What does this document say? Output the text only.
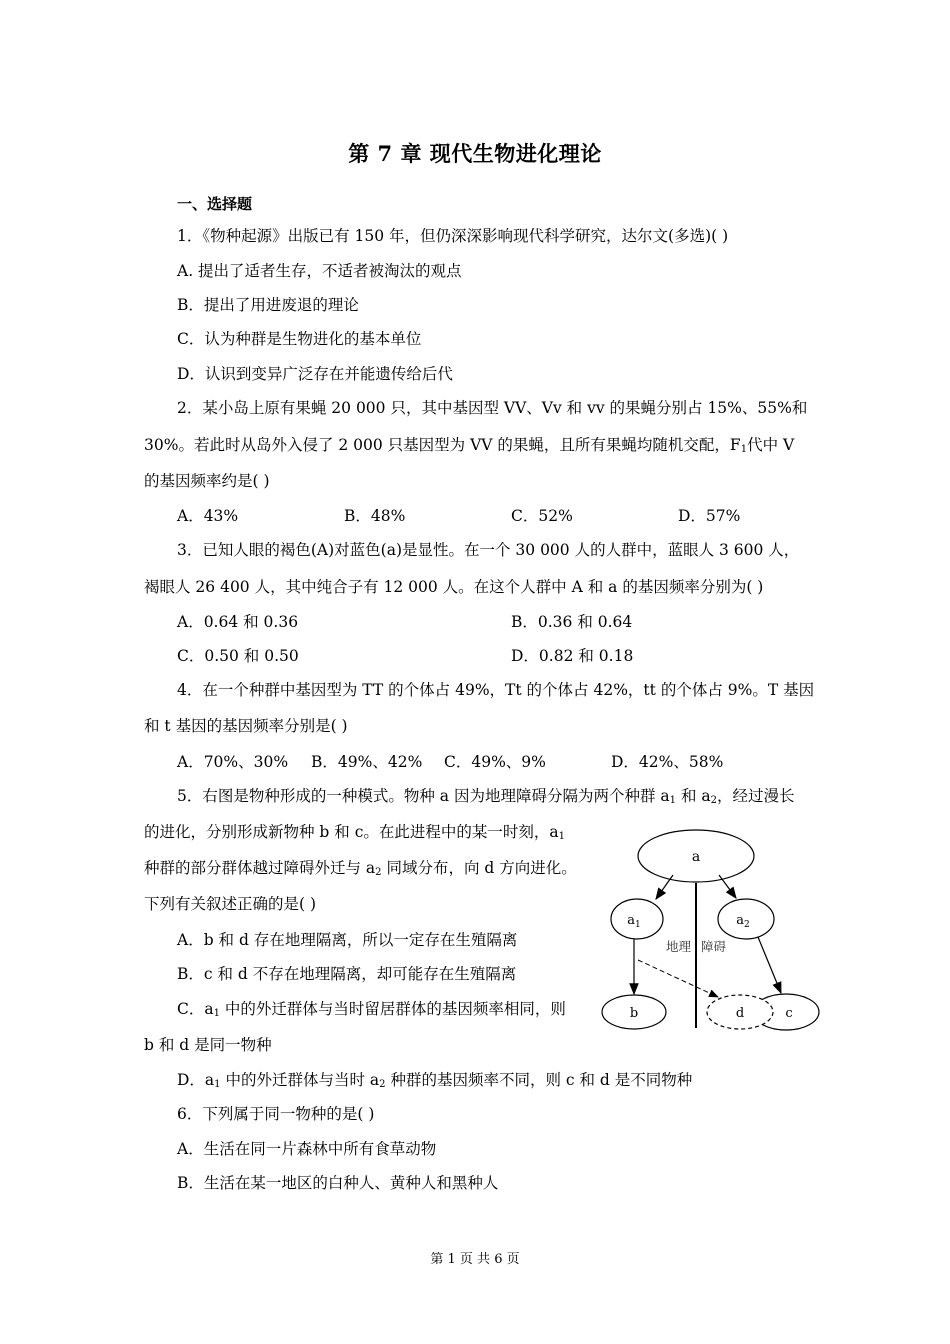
第 7 章 现代生物进化理论
一、选择题
1．《物种起源》出版已有 150 年，但仍深深影响现代科学研究，达尔文(多选)( )
A. 提出了适者生存，不适者被淘汰的观点
B．提出了用进废退的理论
C．认为种群是生物进化的基本单位
D．认识到变异广泛存在并能遗传给后代
2．某小岛上原有果蝇 20 000 只，其中基因型 VV、Vv 和 vv 的果蝇分别占 15%、55%和
30%。若此时从岛外入侵了 2 000 只基因型为 VV 的果蝇，且所有果蝇均随机交配，$F_1$代中 V
的基因频率约是( )
A．43%	B．48%	C．52%	D．57%
3．已知人眼的褐色(A)对蓝色(a)是显性。在一个 30 000 人的人群中，蓝眼人 3 600 人，
褐眼人 26 400 人，其中纯合子有 12 000 人。在这个人群中 A 和 a 的基因频率分别为( )
A．0.64 和 0.36	B．0.36 和 0.64
C．0.50 和 0.50	D．0.82 和 0.18
4．在一个种群中基因型为 TT 的个体占 49%，Tt 的个体占 42%，tt 的个体占 9%。T 基因
和 t 基因的基因频率分别是( )
A．70%、30% B．49%、42% C．49%、9%	D．42%、58%
5．右图是物种形成的一种模式。物种 a 因为地理障碍分隔为两个种群 $a_1$ 和 $a_2$，经过漫长
的进化，分别形成新物种 b 和 c。在此进程中的某一时刻，$a_1$
种群的部分群体越过障碍外迁与 $a_2$ 同域分布，向 d 方向进化。
下列有关叙述正确的是( )
A．b 和 d 存在地理隔离，所以一定存在生殖隔离
B．c 和 d 不存在地理隔离，却可能存在生殖隔离
C．$a_1$ 中的外迁群体与当时留居群体的基因频率相同，则
b 和 d 是同一物种
D．$a_1$ 中的外迁群体与当时 $a_2$ 种群的基因频率不同，则 c 和 d 是不同物种
6．下列属于同一物种的是( )
A．生活在同一片森林中所有食草动物
B．生活在某一地区的白种人、黄种人和黑种人
a
$a_1$	$a_2$
b	c
d
地理 障碍
第 1 页 共 6 页
